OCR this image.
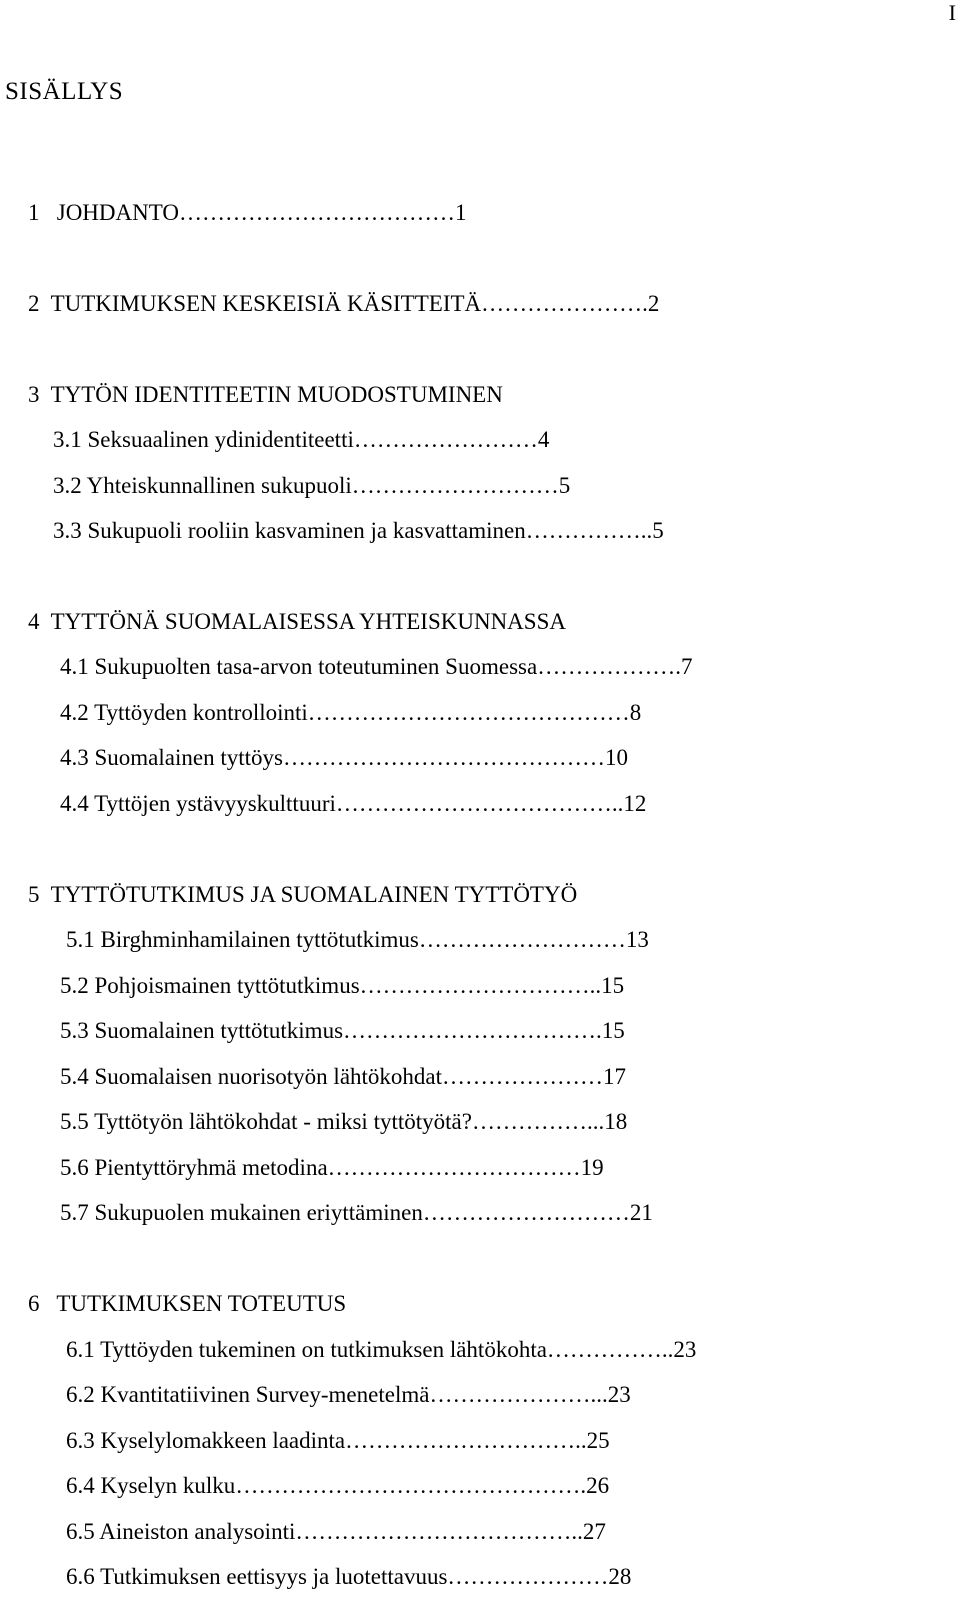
I
SISÄLLYS

1   JOHDANTO………………………………1

2  TUTKIMUKSEN KESKEISIÄ KÄSITTEITÄ………………….2

3  TYTÖN IDENTITEETIN MUODOSTUMINEN

3.1 Seksuaalinen ydinidentiteetti……………………4

3.2 Yhteiskunnallinen sukupuoli………………………5

3.3 Sukupuoli rooliin kasvaminen ja kasvattaminen……………..5

4  TYTTÖNÄ SUOMALAISESSA YHTEISKUNNASSA

4.1 Sukupuolten tasa-arvon toteutuminen Suomessa……………….7

4.2 Tyttöyden kontrollointi……………………………………8

4.3 Suomalainen tyttöys……………………………………10

4.4 Tyttöjen ystävyyskulttuuri………………………………..12

5  TYTTÖTUTKIMUS JA SUOMALAINEN TYTTÖTYÖ

5.1 Birghminhamilainen tyttötutkimus………………………13

5.2 Pohjoismainen tyttötutkimus…………………………..15

5.3 Suomalainen tyttötutkimus…………………………….15

5.4 Suomalaisen nuorisotyön lähtökohdat…………………17

5.5 Tyttötyön lähtökohdat - miksi tyttötyötä?……………...18

5.6 Pientyttöryhmä metodina……………………………19

5.7 Sukupuolen mukainen eriyttäminen………………………21

6   TUTKIMUKSEN TOTEUTUS

6.1 Tyttöyden tukeminen on tutkimuksen lähtökohta……………..23

6.2 Kvantitatiivinen Survey-menetelmä…………………...23

6.3 Kyselylomakkeen laadinta…………………………..25

6.4 Kyselyn kulku……………………………………….26

6.5 Aineiston analysointi………………………………..27

6.6 Tutkimuksen eettisyys ja luotettavuus…………………28
